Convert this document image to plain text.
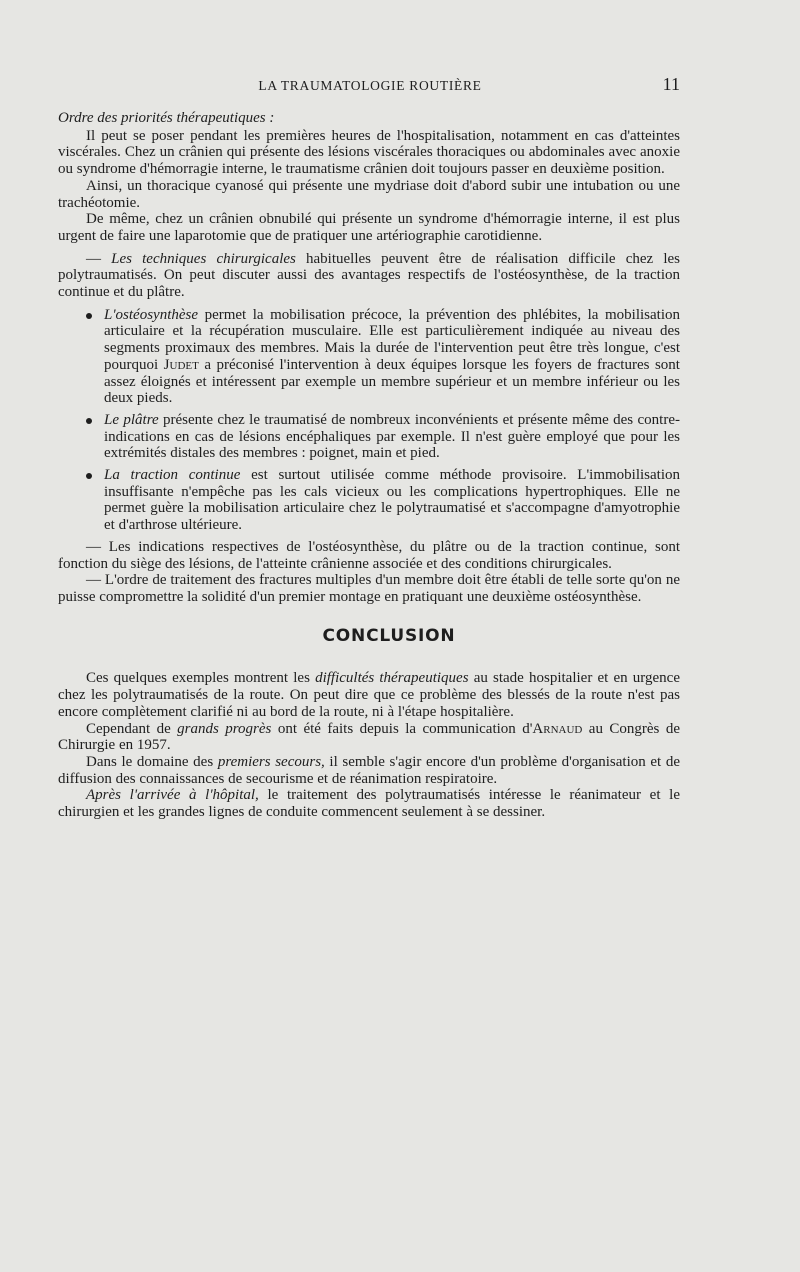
LA TRAUMATOLOGIE ROUTIÈRE	11

Ordre des priorités thérapeutiques :

Il peut se poser pendant les premières heures de l'hospitalisation, notamment en cas d'atteintes viscérales. Chez un crânien qui présente des lésions viscérales thoraciques ou abdominales avec anoxie ou syndrome d'hémorragie interne, le traumatisme crânien doit toujours passer en deuxième position.

Ainsi, un thoracique cyanosé qui présente une mydriase doit d'abord subir une intubation ou une trachéotomie.

De même, chez un crânien obnubilé qui présente un syndrome d'hémorragie interne, il est plus urgent de faire une laparotomie que de pratiquer une artériographie carotidienne.

— Les techniques chirurgicales habituelles peuvent être de réalisation difficile chez les polytraumatisés. On peut discuter aussi des avantages respectifs de l'ostéosynthèse, de la traction continue et du plâtre.

L'ostéosynthèse permet la mobilisation précoce, la prévention des phlébites, la mobilisation articulaire et la récupération musculaire. Elle est particulièrement indiquée au niveau des segments proximaux des membres. Mais la durée de l'intervention peut être très longue, c'est pourquoi Judet a préconisé l'intervention à deux équipes lorsque les foyers de fractures sont assez éloignés et intéressent par exemple un membre supérieur et un membre inférieur ou les deux pieds.
Le plâtre présente chez le traumatisé de nombreux inconvénients et présente même des contre-indications en cas de lésions encéphaliques par exemple. Il n'est guère employé que pour les extrémités distales des membres : poignet, main et pied.
La traction continue est surtout utilisée comme méthode provisoire. L'immobilisation insuffisante n'empêche pas les cals vicieux ou les complications hypertrophiques. Elle ne permet guère la mobilisation articulaire chez le polytraumatisé et s'accompagne d'amyotrophie et d'arthrose ultérieure.

— Les indications respectives de l'ostéosynthèse, du plâtre ou de la traction continue, sont fonction du siège des lésions, de l'atteinte crânienne associée et des conditions chirurgicales.

— L'ordre de traitement des fractures multiples d'un membre doit être établi de telle sorte qu'on ne puisse compromettre la solidité d'un premier montage en pratiquant une deuxième ostéosynthèse.

CONCLUSION

Ces quelques exemples montrent les difficultés thérapeutiques au stade hospitalier et en urgence chez les polytraumatisés de la route. On peut dire que ce problème des blessés de la route n'est pas encore complètement clarifié ni au bord de la route, ni à l'étape hospitalière.

Cependant de grands progrès ont été faits depuis la communication d'Arnaud au Congrès de Chirurgie en 1957.

Dans le domaine des premiers secours, il semble s'agir encore d'un problème d'organisation et de diffusion des connaissances de secourisme et de réanimation respiratoire.

Après l'arrivée à l'hôpital, le traitement des polytraumatisés intéresse le réanimateur et le chirurgien et les grandes lignes de conduite commencent seulement à se dessiner.
